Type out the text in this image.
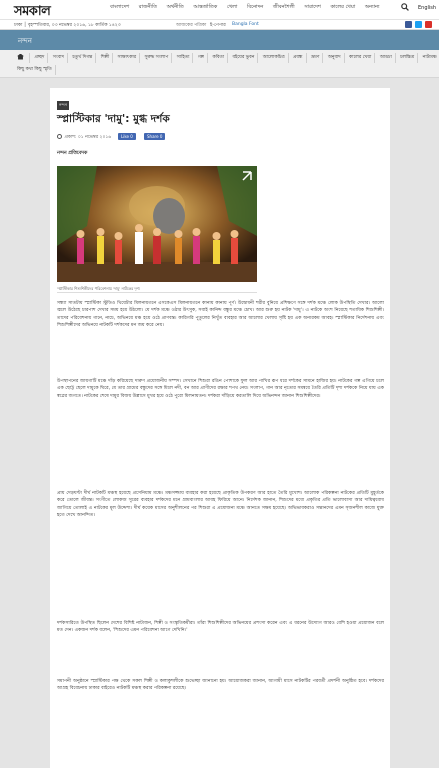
সমকাল	বাংলাদেশ রাজনীতি অর্থনীতি আন্তর্জাতিক খেলা বিনোদন জীবনশৈলী সারাদেশ কালের খেয়া অন্যান্য	English
ঢাকা │ বৃহস্পতিবার, ০৩ নভেম্বর ২০১৬, ১৮ কার্তিক ১৪২৩	আজকের পত্রিকা ই-পেপার Bangla Font
নন্দন
প্রচ্ছদ সংবাদ চতুর্থ দিগন্ত শিল্পী সাক্ষাৎকার সুরুদ্ধ সংলাপ সাহিত্য গল্প কবিতা বইয়ের ভুবন আলোকচিত্র প্রবন্ধ ভ্রমণ অনুবাদ কালের খেয়া আড্ডা চলচ্চিত্র নাট্যমঞ্চ
কিছু কথা কিছু স্মৃতি
নন্দন
স্প্লাস্টিকার 'দামু': মুগ্ধ দর্শক
প্রকাশ: ০১ নভেম্বর ২০১৬	Like 0	Share 0
নন্দন প্রতিবেদক
স্প্লাস্টিকার শিশুশিল্পীদের পরিবেশনায় 'দামু' নাটকের দৃশ্য

সন্ধ্যা সাতটায় স্প্লাস্টিকা স্টুডিও থিয়েটার মিলনায়তনে এসকেএস মিলনায়তনে কানায় কানায় পূর্ণ। উদ্বোধনী শরীর বুনিয়ে প্রশিক্ষণে সঙ্গে দর্শক মঞ্চে লোক উপস্থিতি দেখার। আলো জ্বলে উঠেছে চারপাশ দেখার সময় হয়ে উঠলো। যে দর্শক মঞ্চে ওঠার উৎসুক, সবাই কানিদ্দ বন্ধুর মঞ্চে চোখ। আর শুরু হয় নাটক 'দামু'। এ নাটকে অংশ নিয়েছে শতাধিক শিশুশিল্পী। তাদের পরিবেশনায় গানে, নাচে, অভিনয়ে মঞ্চ হয়ে ওঠে প্রাণবন্ত। কারিগরি পুতুলের নিখুঁত ব্যবহার আর আলোর খেলায় সৃষ্টি হয় এক অন্যরকম আবহ। স্প্লাস্টিকার নির্দেশনায় এবং শিশুশিল্পীদের অভিনয়ে নাটকটি দর্শকদের মন জয় করে নেয়।

উপস্থাপনের জায়গাটি মঞ্চে দাঁড় করিয়েছে দারুণ প্রয়োজনীয় সম্পদ। সেখানে শিশুরা রঙিন পোশাকে ফুল আর পাখির রূপ ধরে দর্শকের সামনে হাজির হয়। নাটকের গল্প এগিয়ে চলে এক ছোট্ট ছেলে দামুকে ঘিরে, যে তার গ্রামের বন্ধুদের সঙ্গে মিলে নদী, বন আর প্রাণীদের রক্ষার শপথ নেয়। সংলাপ, গান আর নৃত্যের সমন্বয়ে তৈরি প্রতিটি দৃশ্য দর্শককে নিয়ে যায় এক স্বপ্নের জগতে। নাটকের শেষে দামুর বিজয় উল্লাসে মুখর হয়ে ওঠে পুরো মিলনায়তন। দর্শকরা দাঁড়িয়ে করতালি দিয়ে অভিনন্দন জানান শিশুশিল্পীদের।

প্রায় দেড়ঘণ্টা দীর্ঘ নাটকটি মঞ্চস্থ হয়েছে প্রসেনিয়াম মঞ্চে। মঞ্চসজ্জায় ব্যবহার করা হয়েছে প্রাকৃতিক উপকরণ আর হাতে তৈরি মুখোশ। আলোক পরিকল্পনা নাটকের প্রতিটি মুহূর্তকে করে তোলে জীবন্ত। সংগীতে লোকজ সুরের ব্যবহার দর্শকদের মনে গ্রামবাংলার আবহ ফিরিয়ে আনে। নির্দেশক জানান, শিশুদের মধ্যে প্রকৃতির প্রতি ভালোবাসা আর দায়িত্ববোধ জাগিয়ে তোলাই এ নাটকের মূল উদ্দেশ্য। দীর্ঘ কয়েক মাসের অনুশীলনের পর শিশুরা এ প্রযোজনা মঞ্চে আনতে সক্ষম হয়েছে। অভিভাবকরাও সন্তানদের এমন সৃজনশীল কাজে যুক্ত হতে দেখে আনন্দিত।

দর্শকসারিতে উপস্থিত ছিলেন দেশের বিশিষ্ট নাট্যজন, শিল্পী ও সংস্কৃতিকর্মীরা। তাঁরা শিশুশিল্পীদের অভিনয়ের প্রশংসা করেন এবং এ ধরনের উদ্যোগ আরও বেশি হওয়া প্রয়োজন বলে মত দেন। একজন দর্শক বলেন, 'শিশুদের এমন পরিবেশনা আগে দেখিনি।'

সমাপনী অনুষ্ঠানে স্প্লাস্টিকার পক্ষ থেকে সকল শিল্পী ও কলাকুশলীকে শুভেচ্ছা জানানো হয়। আয়োজকরা জানান, আগামী মাসে নাটকটির পরবর্তী প্রদর্শনী অনুষ্ঠিত হবে। দর্শকদের আগ্রহ বিবেচনায় ঢাকার বাইরেও নাটকটি মঞ্চস্থ করার পরিকল্পনা রয়েছে।
